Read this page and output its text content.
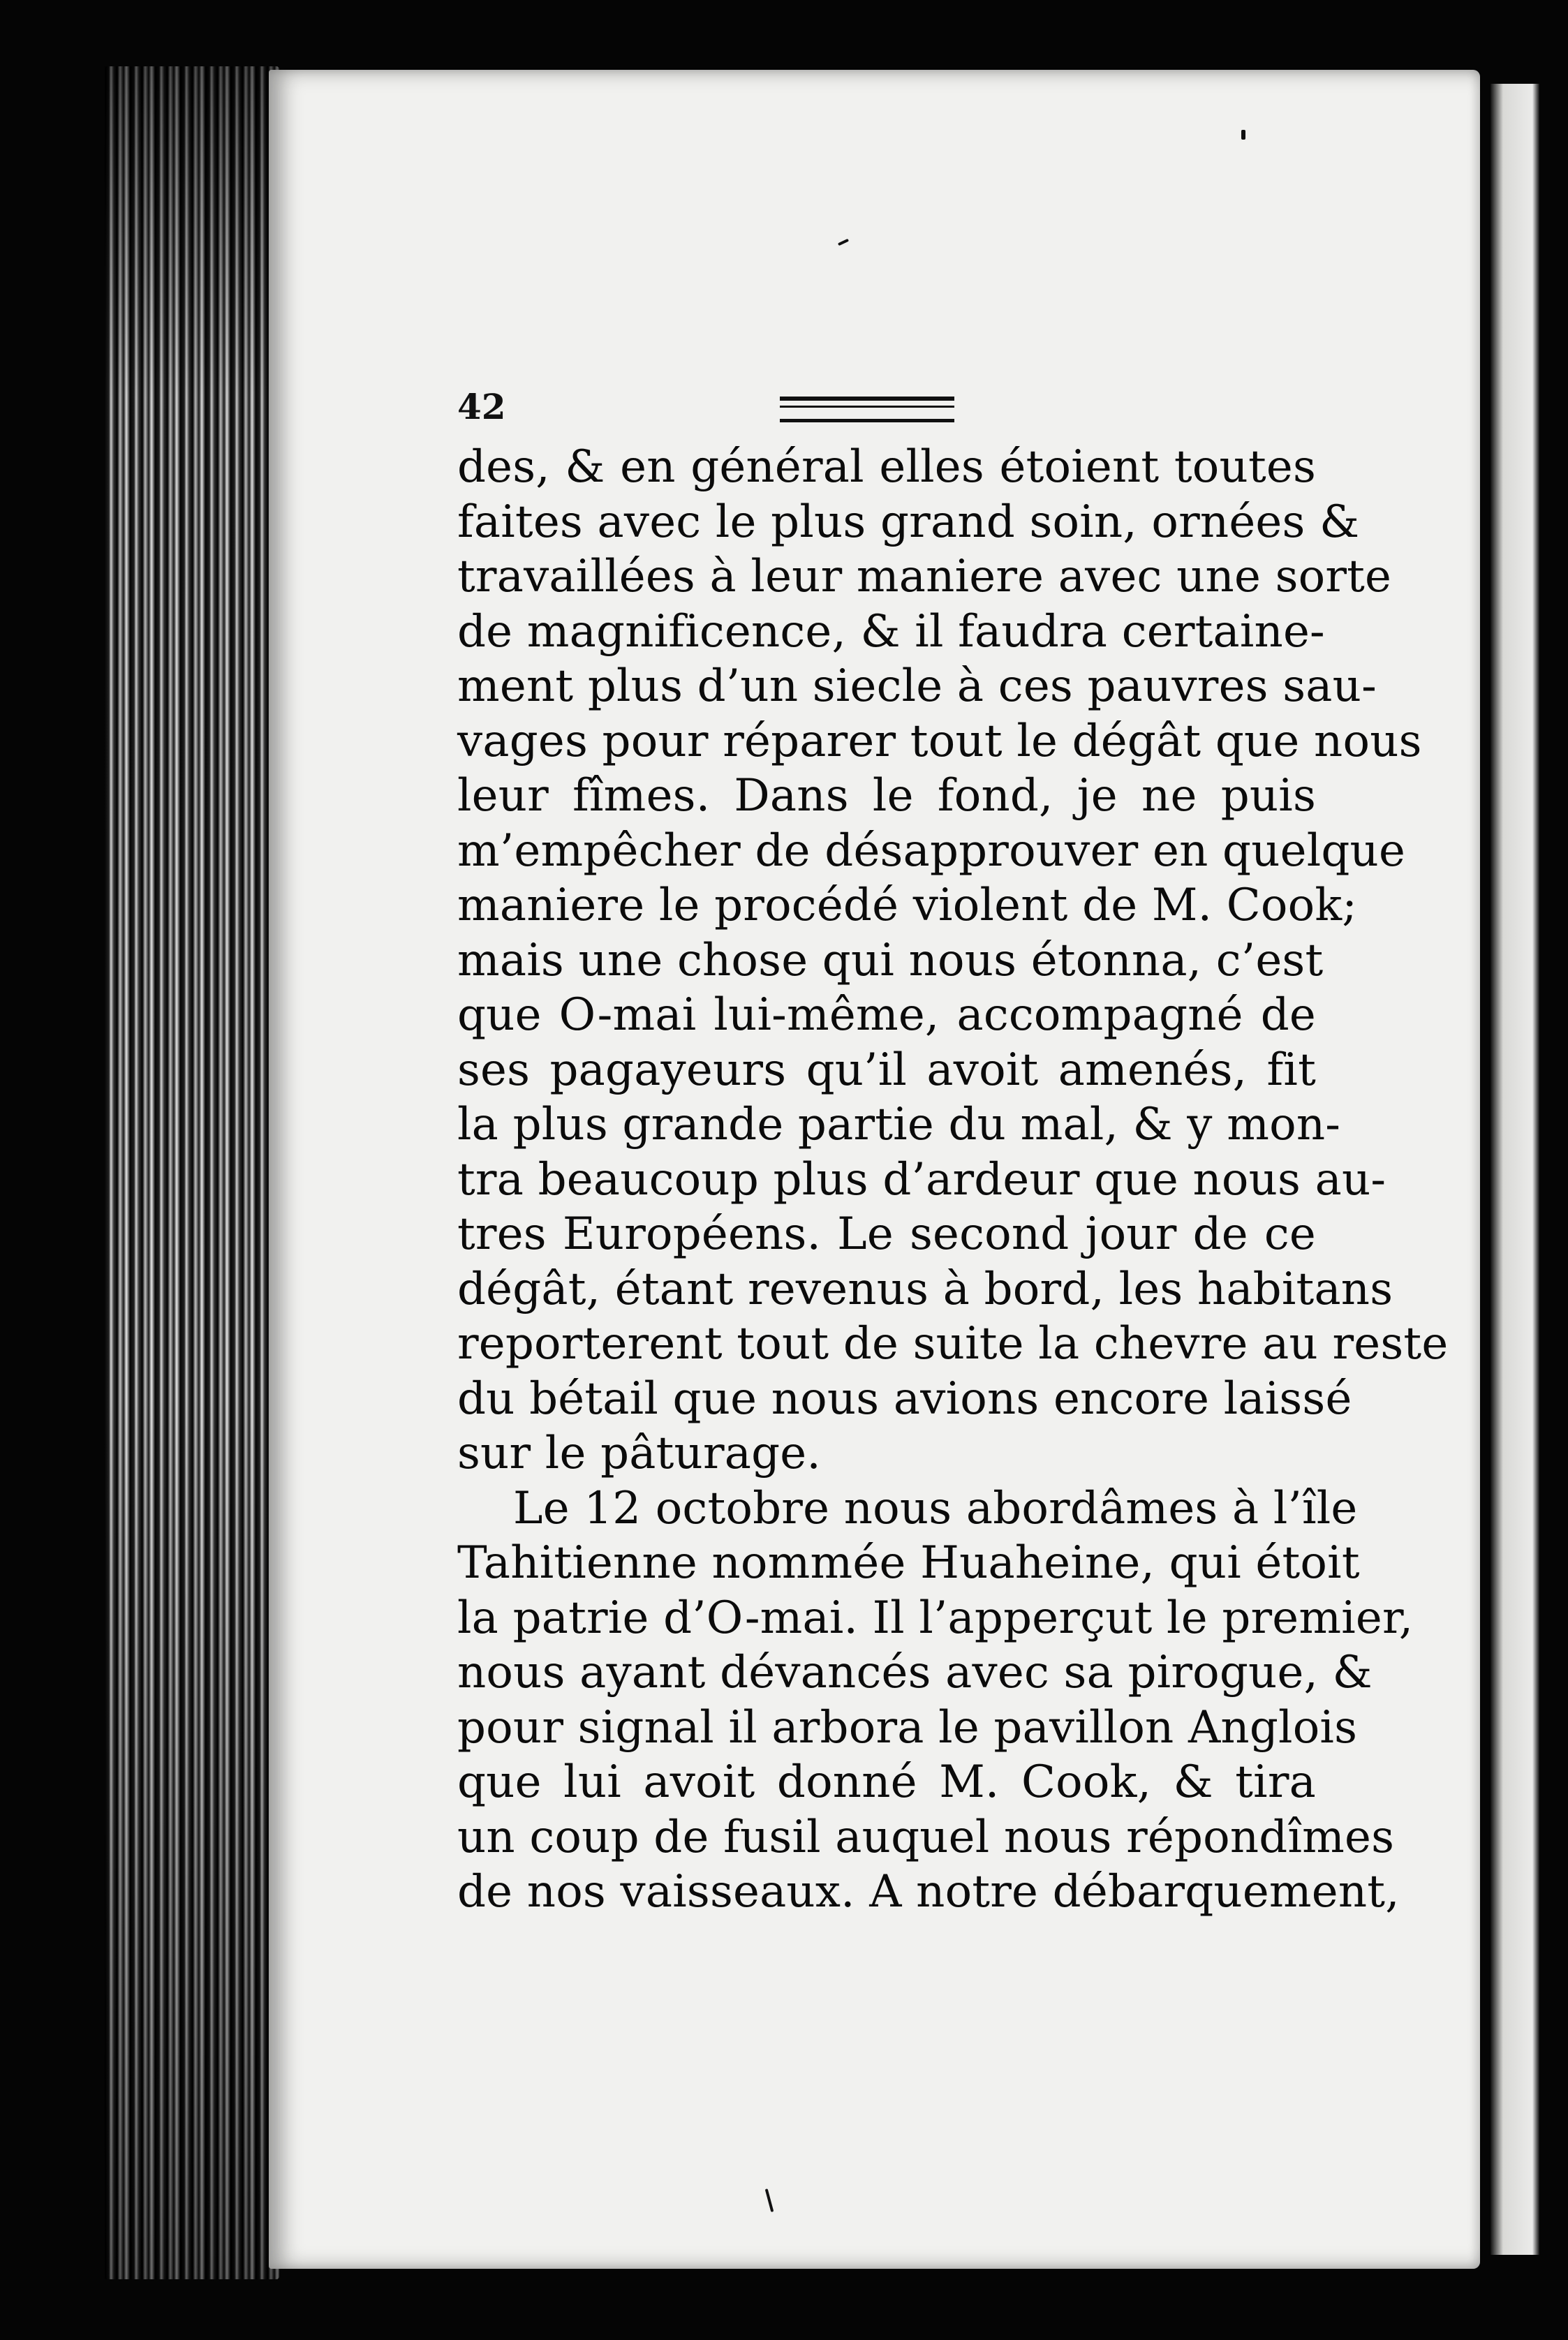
42
des, & en général elles étoient toutes
faites avec le plus grand soin, ornées &
travaillées à leur maniere avec une sorte
de magnificence, & il faudra certaine-
ment plus d’un siecle à ces pauvres sau-
vages pour réparer tout le dégât que nous
leur fîmes. Dans le fond, je ne puis
m’empêcher de désapprouver en quelque
maniere le procédé violent de M. Cook;
mais une chose qui nous étonna, c’est
que O-mai lui-même, accompagné de
ses pagayeurs qu’il avoit amenés, fit
la plus grande partie du mal, & y mon-
tra beaucoup plus d’ardeur que nous au-
tres Européens. Le second jour de ce
dégât, étant revenus à bord, les habitans
reporterent tout de suite la chevre au reste
du bétail que nous avions encore laissé
sur le pâturage.
Le 12 octobre nous abordâmes à l’île
Tahitienne nommée Huaheine, qui étoit
la patrie d’O-mai. Il l’apperçut le premier,
nous ayant dévancés avec sa pirogue, &
pour signal il arbora le pavillon Anglois
que lui avoit donné M. Cook, & tira
un coup de fusil auquel nous répondîmes
de nos vaisseaux. A notre débarquement,
